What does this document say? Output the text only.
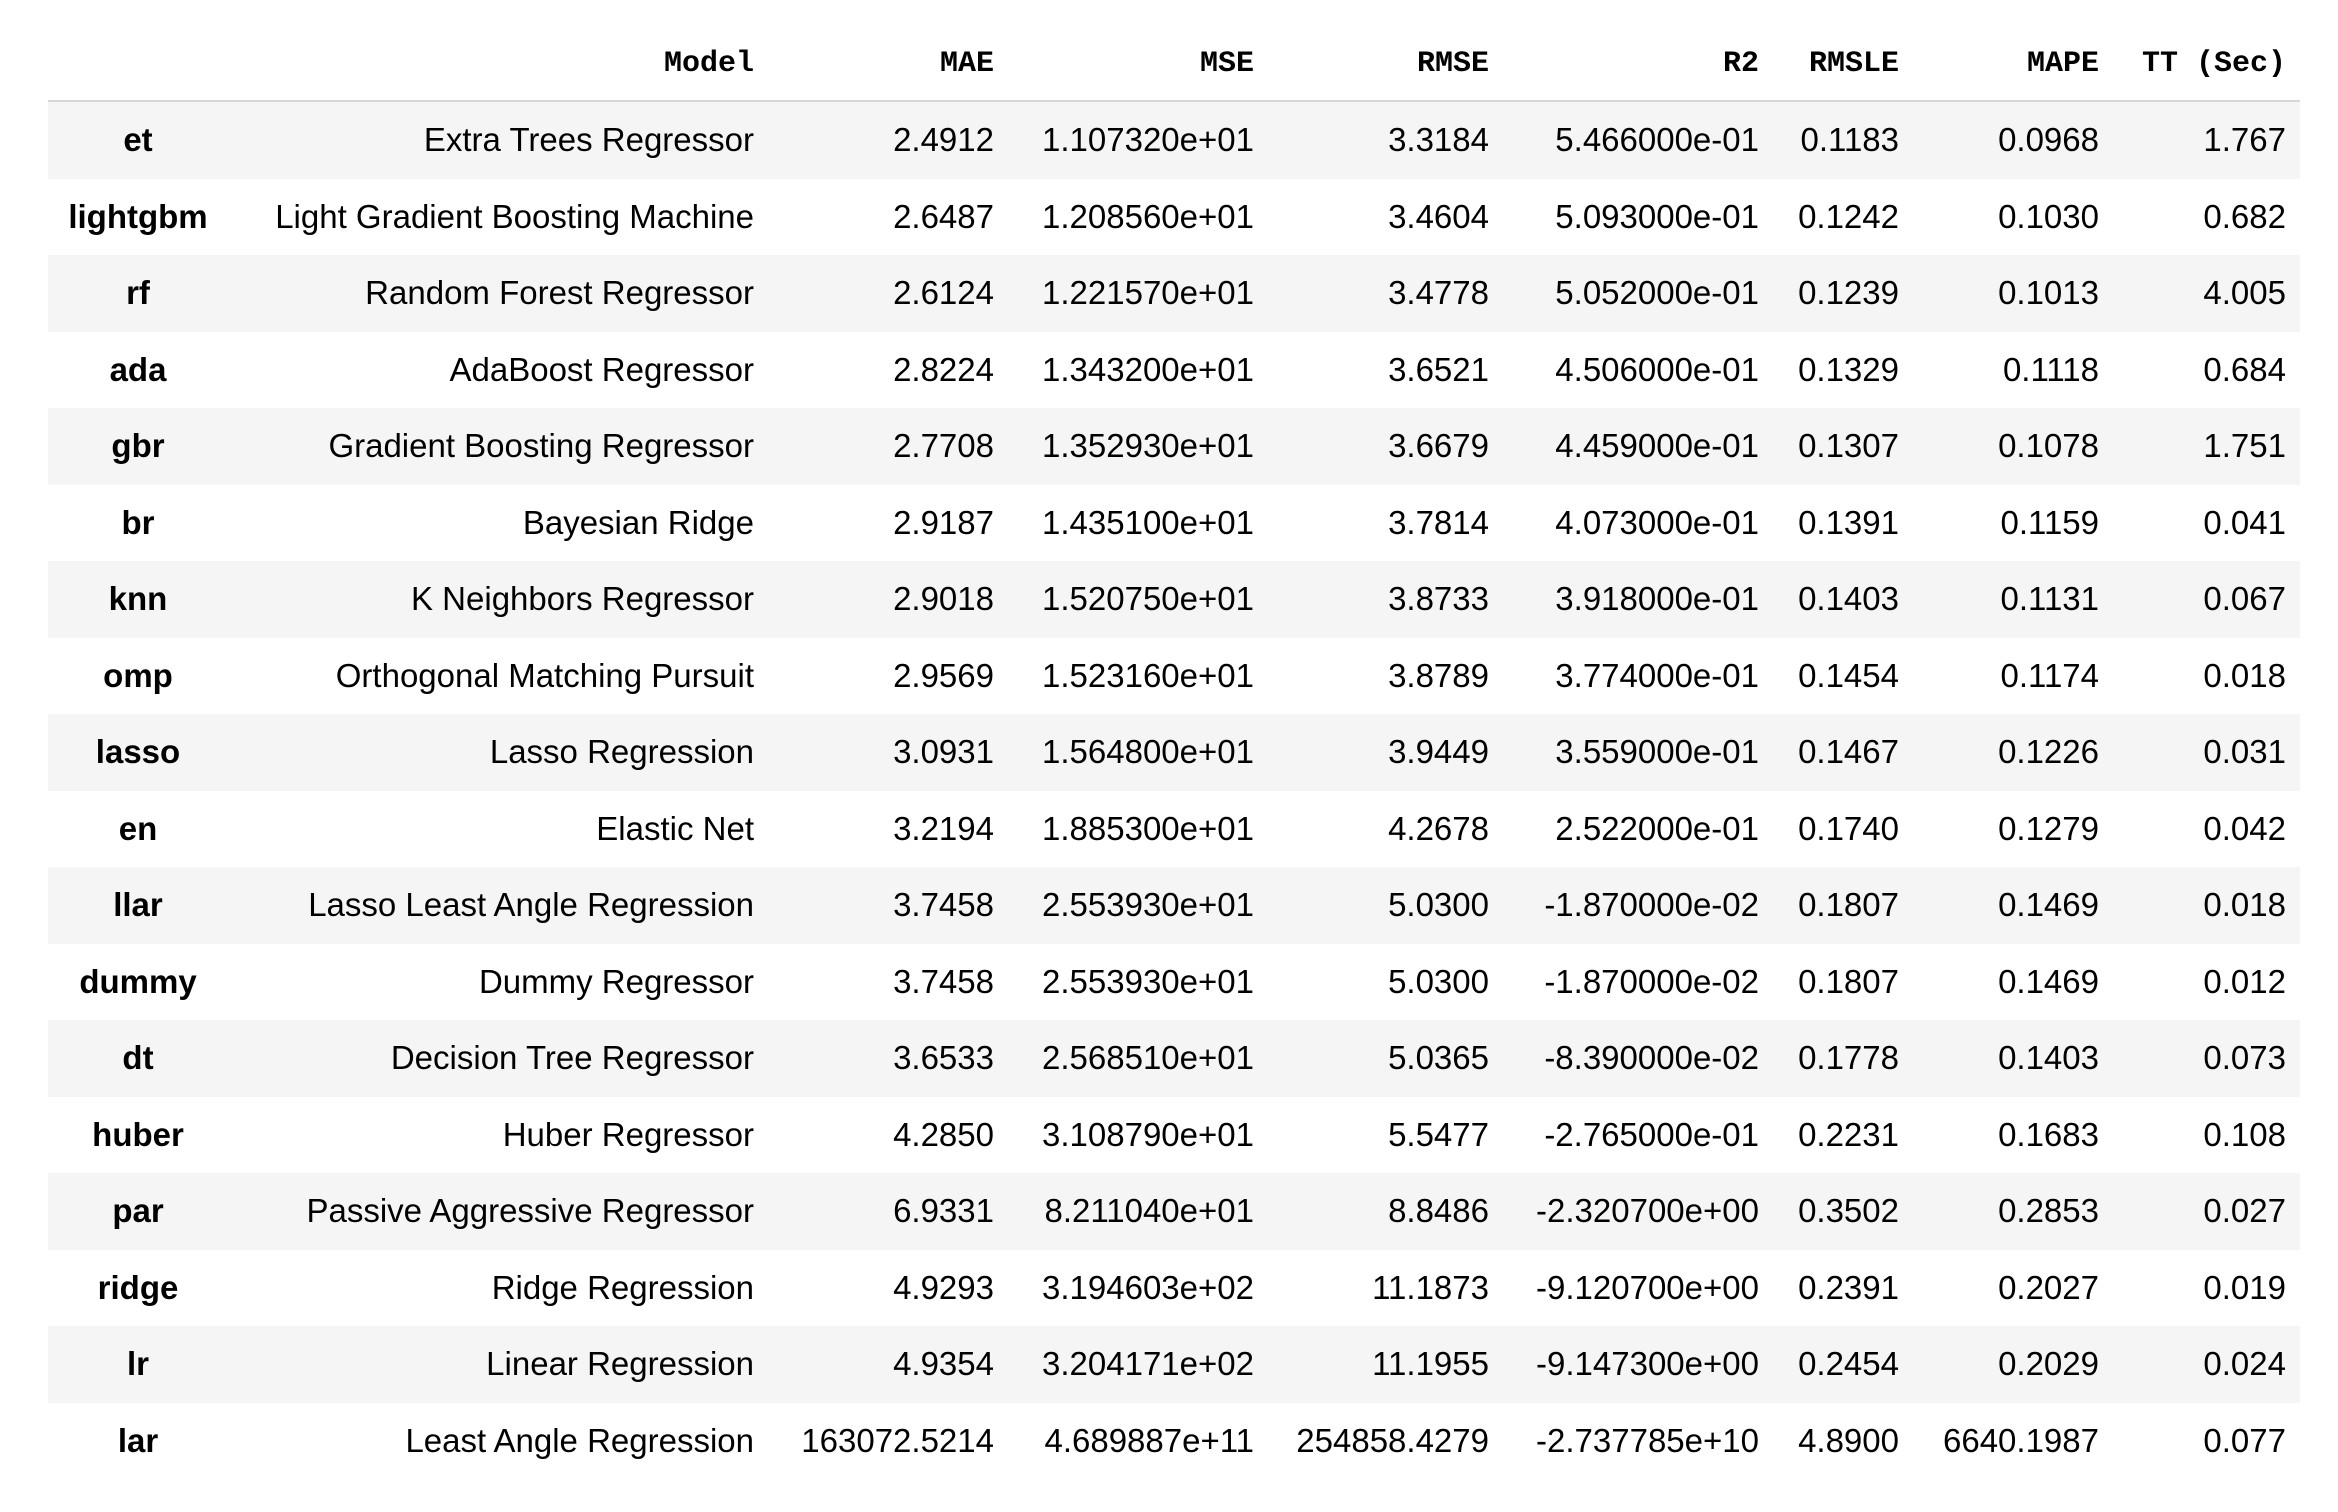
	Model	MAE	MSE	RMSE	R2	RMSLE	MAPE	TT (Sec)
et	Extra Trees Regressor	2.4912	1.107320e+01	3.3184	5.466000e-01	0.1183	0.0968	1.767
lightgbm	Light Gradient Boosting Machine	2.6487	1.208560e+01	3.4604	5.093000e-01	0.1242	0.1030	0.682
rf	Random Forest Regressor	2.6124	1.221570e+01	3.4778	5.052000e-01	0.1239	0.1013	4.005
ada	AdaBoost Regressor	2.8224	1.343200e+01	3.6521	4.506000e-01	0.1329	0.1118	0.684
gbr	Gradient Boosting Regressor	2.7708	1.352930e+01	3.6679	4.459000e-01	0.1307	0.1078	1.751
br	Bayesian Ridge	2.9187	1.435100e+01	3.7814	4.073000e-01	0.1391	0.1159	0.041
knn	K Neighbors Regressor	2.9018	1.520750e+01	3.8733	3.918000e-01	0.1403	0.1131	0.067
omp	Orthogonal Matching Pursuit	2.9569	1.523160e+01	3.8789	3.774000e-01	0.1454	0.1174	0.018
lasso	Lasso Regression	3.0931	1.564800e+01	3.9449	3.559000e-01	0.1467	0.1226	0.031
en	Elastic Net	3.2194	1.885300e+01	4.2678	2.522000e-01	0.1740	0.1279	0.042
llar	Lasso Least Angle Regression	3.7458	2.553930e+01	5.0300	-1.870000e-02	0.1807	0.1469	0.018
dummy	Dummy Regressor	3.7458	2.553930e+01	5.0300	-1.870000e-02	0.1807	0.1469	0.012
dt	Decision Tree Regressor	3.6533	2.568510e+01	5.0365	-8.390000e-02	0.1778	0.1403	0.073
huber	Huber Regressor	4.2850	3.108790e+01	5.5477	-2.765000e-01	0.2231	0.1683	0.108
par	Passive Aggressive Regressor	6.9331	8.211040e+01	8.8486	-2.320700e+00	0.3502	0.2853	0.027
ridge	Ridge Regression	4.9293	3.194603e+02	11.1873	-9.120700e+00	0.2391	0.2027	0.019
lr	Linear Regression	4.9354	3.204171e+02	11.1955	-9.147300e+00	0.2454	0.2029	0.024
lar	Least Angle Regression	163072.5214	4.689887e+11	254858.4279	-2.737785e+10	4.8900	6640.1987	0.077
